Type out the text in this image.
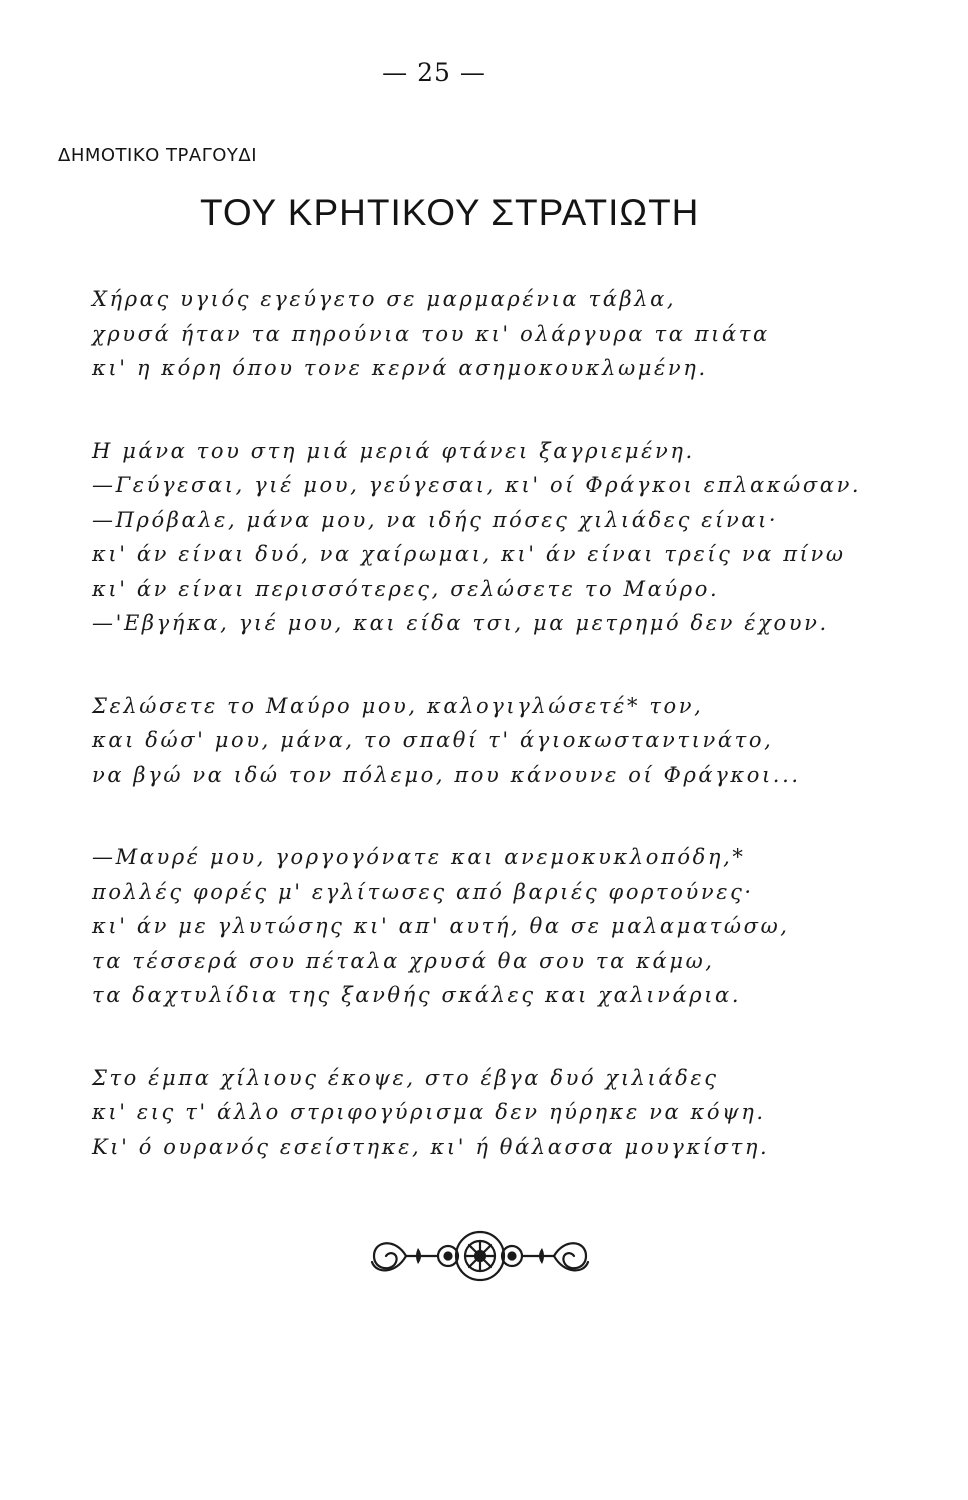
— 25 —
ΔΗΜΟΤΙΚΟ ΤΡΑΓΟΥΔΙ
ΤΟΥ ΚΡΗΤΙΚΟΥ ΣΤΡΑΤΙΩΤΗ
Χήρας υγιός εγεύγετο σε μαρμαρένια τάβλα,
χρυσά ήταν τα πηρούνια του κι' ολάργυρα τα πιάτα
κι' η κόρη όπου τονε κερνά ασημοκουκλωμένη.
Η μάνα του στη μιά μεριά φτάνει ξαγριεμένη.
—Γεύγεσαι, γιέ μου, γεύγεσαι, κι' οί Φράγκοι επλακώσαν.
—Πρόβαλε, μάνα μου, να ιδής πόσες χιλιάδες είναι·
κι' άν είναι δυό, να χαίρωμαι, κι' άν είναι τρείς να πίνω
κι' άν είναι περισσότερες, σελώσετε το Μαύρο.
—'Εβγήκα, γιέ μου, και είδα τσι, μα μετρημό δεν έχουν.
Σελώσετε το Μαύρο μου, καλογιγλώσετέ* τον,
και δώσ' μου, μάνα, το σπαθί τ' άγιοκωσταντινάτο,
να βγώ να ιδώ τον πόλεμο, που κάνουνε οί Φράγκοι...
—Μαυρέ μου, γοργογόνατε και ανεμοκυκλοπόδη,*
πολλές φορές μ' εγλίτωσες από βαριές φορτούνες·
κι' άν με γλυτώσης κι' απ' αυτή, θα σε μαλαματώσω,
τα τέσσερά σου πέταλα χρυσά θα σου τα κάμω,
τα δαχτυλίδια της ξανθής σκάλες και χαλινάρια.
Στο έμπα χίλιους έκοψε, στο έβγα δυό χιλιάδες
κι' εις τ' άλλο στριφογύρισμα δεν ηύρηκε να κόψη.
Κι' ό ουρανός εσείστηκε, κι' ή θάλασσα μουγκίστη.
